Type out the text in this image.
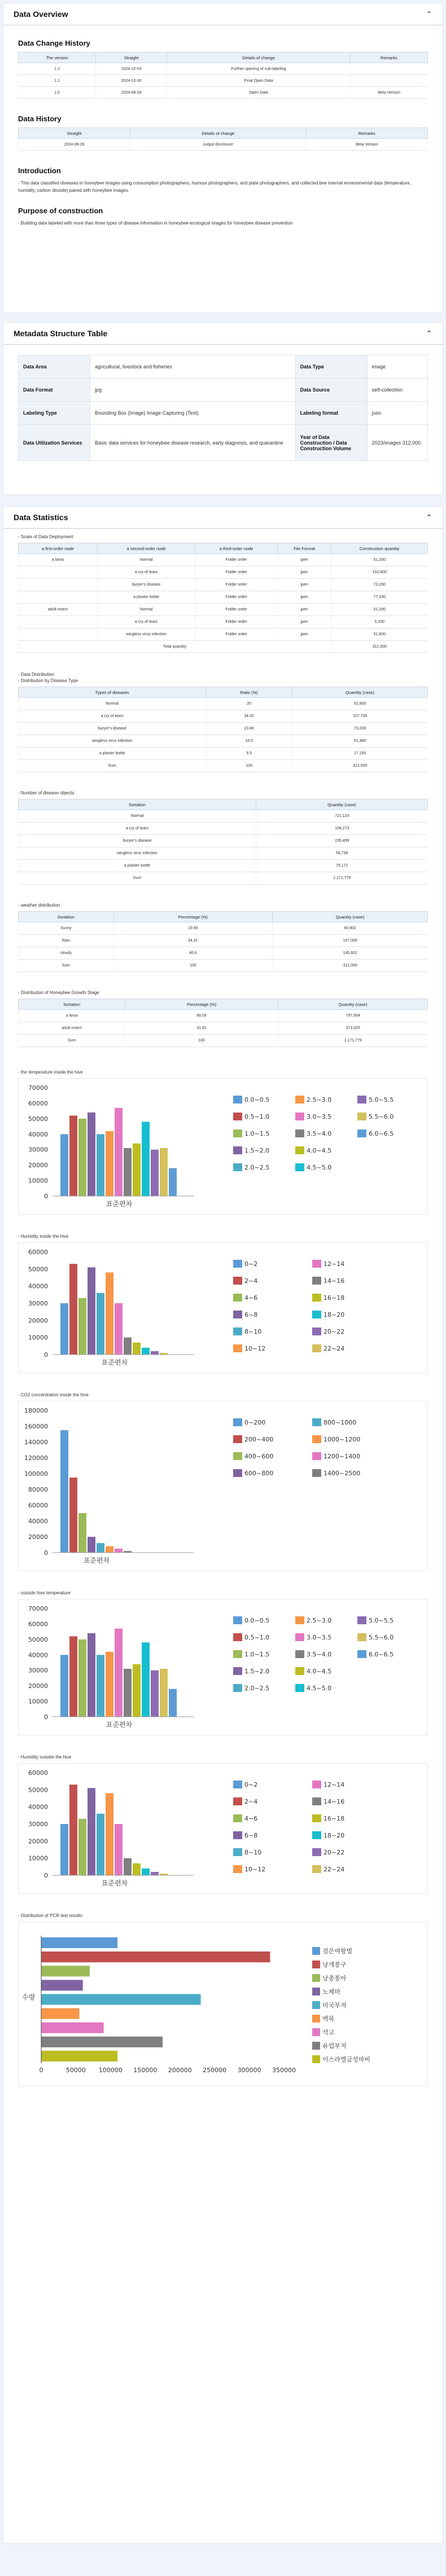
Data Overview	⌃
Data Change History
The version	Straight	Details of change	Remarks
1.2	2024-12-03	Further opening of sub-labeling	
1.1	2024-10-30	Final Open Data	
1.0	2024-06-28	Open Data	Beta Version
Data History
Straight	Details of change	Remarks
2024-06-28	output disclosure	Beta Version
Introduction

- This data classified diseases in honeybee images using consumption photographers, humour photographers, and plate photographers, and collected bee internal environmental data (temperature, humidity, carbon dioxide) paired with honeybee images.

Purpose of construction

- Building data labeled with more than three types of disease information in honeybee-ecological images for honeybee disease prevention

Metadata Structure Table	⌃
Data Area	agricultural, livestock and fisheries	Data Type	image
Data Format	jpg	Data Source	self-collection
Labeling Type	Bounding Box (Image) Image Capturing (Text)	Labeling format	json
Data Utilization Services	Basic data services for honeybee disease research, early diagnosis, and quarantine	Year of Data Construction / Data Construction Volume	2023/images 312,000
Data Statistics	⌃
- Scale of Data Deployment
a first-order node	a second-order node	a third-order node	File Format	Construction quantity
a larva	Normal	Folder order	jpen	51,200
	a cry of tears	Folder order	jpen	102,800
	buryer's disease	Folder order	jpen	73,200
	a plaster bottle	Folder order	jpen	77,100
adult insect	Normal	Folder order	jpen	51,200
	a cry of tears	Folder order	jpen	5,100
	wingless virus infection	Folder order	jpen	51,600
Total quantity				312,000
- Data Distribution
- Distribution by Disease Type
Types of diseases	Ratio (%)	Quantity (case)
Normal	20	62,800
a cry of tears	34.52	107,709
buryer's disease	23.46	73,200
wingless virus infection	16.5	51,480
a plaster bottle	5.5	17,160
Sum	100	312,000
- Number of disease objects
Sortation	Quantity (case)
Normal	721,124
a cry of tears	108,273
buryer's disease	235,499
wingless virus infection	56,736
a plaster bottle	79,172
Sum	1,171,779
- weather distribution
Sortation	Percentage (%)	Quantity (case)
Sunny	19.59	60,802
Rain	34.31	107,000
cloudy	46.6	145,602
Sum	100	312,000
- Distribution of Honeybee Growth Stage
Sortation	Percentage (%)	Quantity (case)
a larva	68.09	797,854
adult insect	31.91	373,925
Sum	100	1,171,779
- the temperature inside the hive
0
10000
20000
30000
40000
50000
60000
70000
표준편차
0.0~0.5
0.5~1.0
1.0~1.5
1.5~2.0
2.0~2.5
2.5~3.0
3.0~3.5
3.5~4.0
4.0~4.5
4.5~5.0
5.0~5.5
5.5~6.0
6.0~6.5
- Humidity inside the hive
0
10000
20000
30000
40000
50000
60000
표준편차
0~2
2~4
4~6
6~8
8~10
10~12
12~14
14~16
16~18
18~20
20~22
22~24
- CO2 concentration inside the hive
0
20000
40000
60000
80000
100000
120000
140000
160000
180000
표준편차
0~200
200~400
400~600
600~800
800~1000
1000~1200
1200~1400
1400~2500
- outside hive temperature
0
10000
20000
30000
40000
50000
60000
70000
표준편차
0.0~0.5
0.5~1.0
1.0~1.5
1.5~2.0
2.0~2.5
2.5~3.0
3.0~3.5
3.5~4.0
4.0~4.5
4.5~5.0
5.0~5.5
5.5~6.0
6.0~6.5
- Humidity outside the hive
0
10000
20000
30000
40000
50000
60000
표준편차
0~2
2~4
4~6
6~8
8~10
10~12
12~14
14~16
16~18
18~20
20~22
22~24
- Distribution of PCR test results
수량
검은여왕벌
낭개봉구
낭충봉아
노제마
미국부저
백묵
석고
유럽부저
이스라엘급성마비
0	50000 100000 150000 200000 250000 300000 350000
